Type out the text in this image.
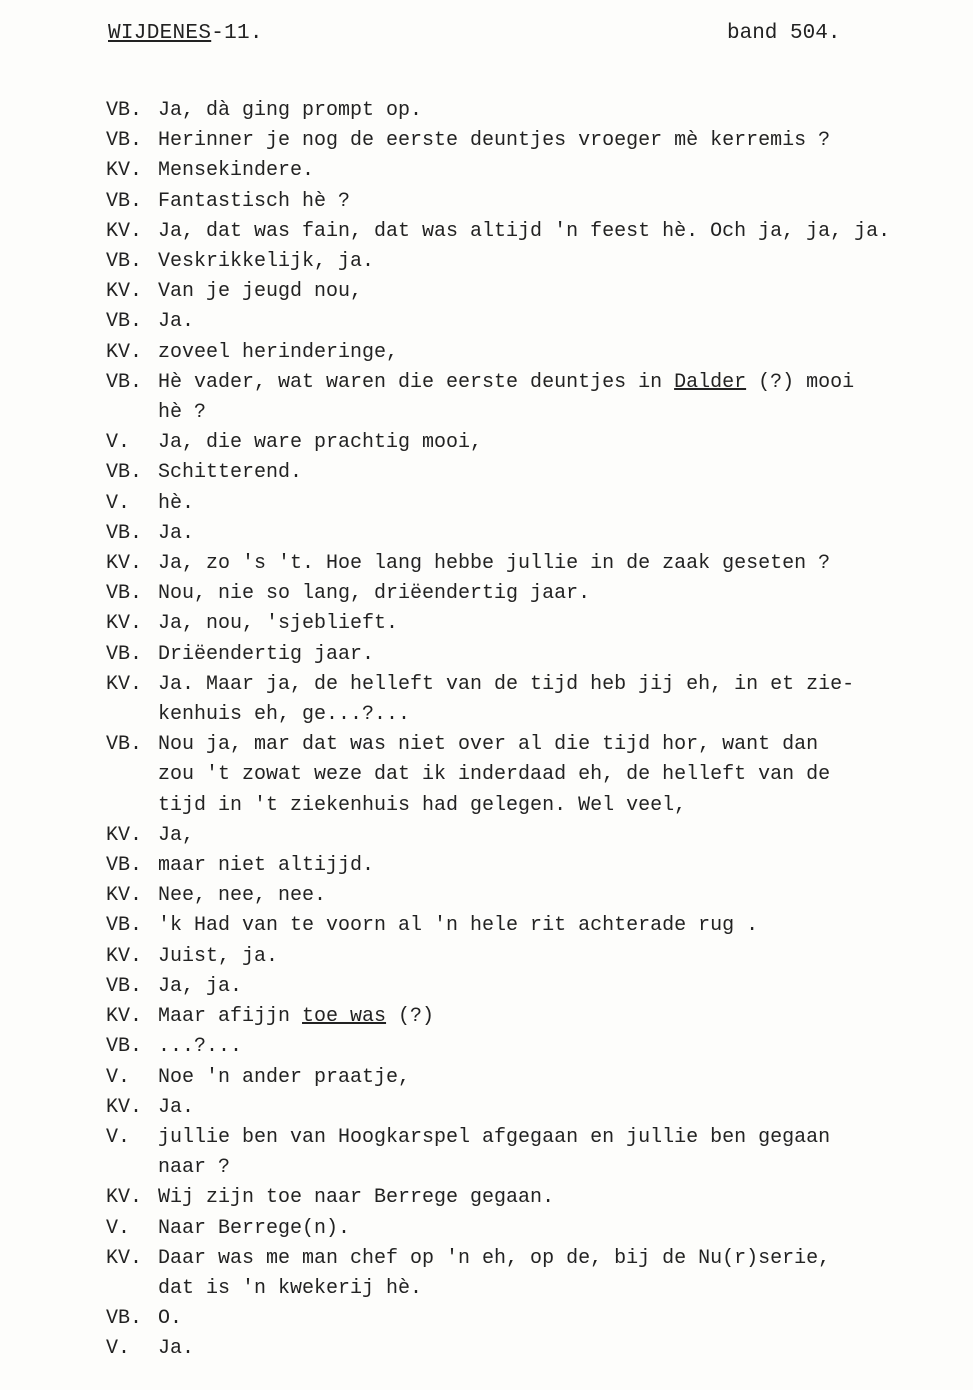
WIJDENES-11.	band 504.
VB. Ja, dà ging prompt op.
VB. Herinner je nog de eerste deuntjes vroeger mè kerremis ?
KV. Mensekindere.
VB. Fantastisch hè ?
KV. Ja, dat was fain, dat was altijd 'n feest hè. Och ja, ja, ja.
VB. Veskrikkelijk, ja.
KV. Van je jeugd nou,
VB. Ja.
KV. zoveel herinderinge,
VB. Hè vader, wat waren die eerste deuntjes in Dalder (?) mooi
hè ?
V.	Ja, die ware prachtig mooi,
VB. Schitterend.
V.	hè.
VB. Ja.
KV. Ja, zo 's 't. Hoe lang hebbe jullie in de zaak geseten ?
VB. Nou, nie so lang, driëendertig jaar.
KV. Ja, nou, 'sjeblieft.
VB. Driëendertig jaar.
KV. Ja. Maar ja, de helleft van de tijd heb jij eh, in et zie-
kenhuis eh, ge...?...
VB. Nou ja, mar dat was niet over al die tijd hor, want dan
zou 't zowat weze dat ik inderdaad eh, de helleft van de
tijd in 't ziekenhuis had gelegen. Wel veel,
KV. Ja,
VB. maar niet altijjd.
KV. Nee, nee, nee.
VB. 'k Had van te voorn al 'n hele rit achterade rug .
KV. Juist, ja.
VB. Ja, ja.
KV. Maar afijjn toe was (?)
VB. ...?...
V.	Noe 'n ander praatje,
KV. Ja.
V.	jullie ben van Hoogkarspel afgegaan en jullie ben gegaan
naar ?
KV. Wij zijn toe naar Berrege gegaan.
V.	Naar Berrege(n).
KV. Daar was me man chef op 'n eh, op de, bij de Nu(r)serie,
dat is 'n kwekerij hè.
VB. O.
V.	Ja.
